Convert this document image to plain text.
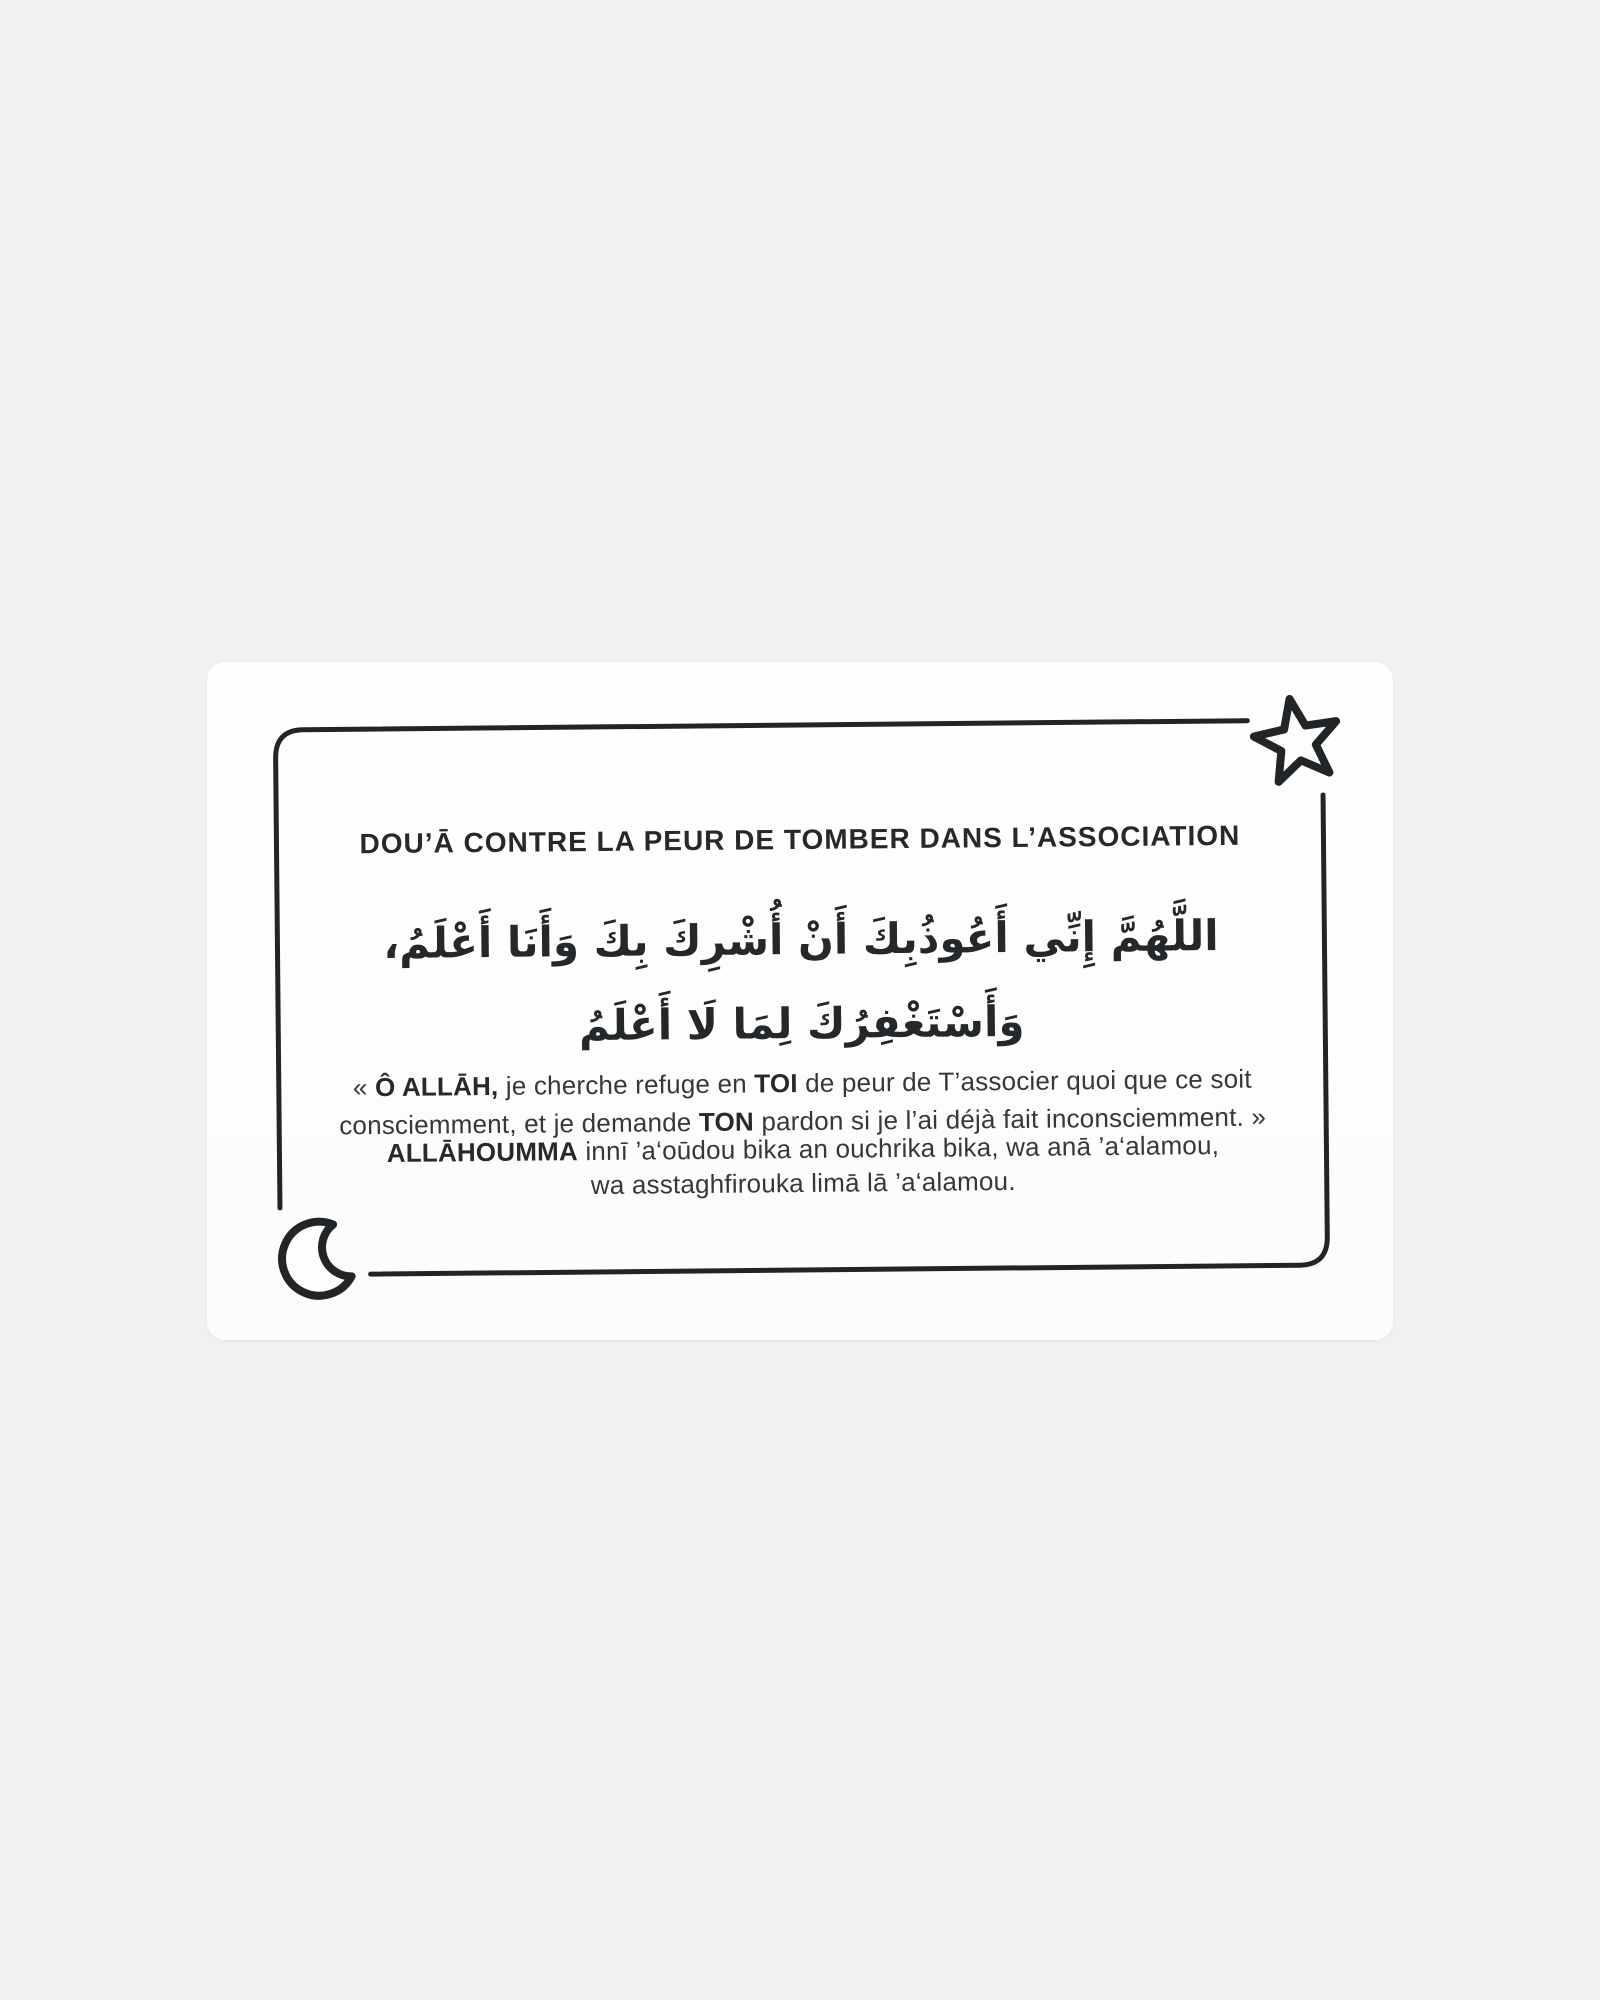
DOU’Ā CONTRE LA PEUR DE TOMBER DANS L’ASSOCIATION
اللَّهُمَّ إِنِّي أَعُوذُبِكَ أَنْ أُشْرِكَ بِكَ وَأَنَا أَعْلَمُ،
وَأَسْتَغْفِرُكَ لِمَا لَا أَعْلَمُ
« Ô ALLĀH, je cherche refuge en TOI de peur de T’associer quoi que ce soit
consciemment, et je demande TON pardon si je l’ai déjà fait inconsciemment. »
ALLĀHOUMMA innī ’a‘oūdou bika an ouchrika bika, wa anā ’a‘alamou,
wa asstaghfirouka limā lā ’a‘alamou.
